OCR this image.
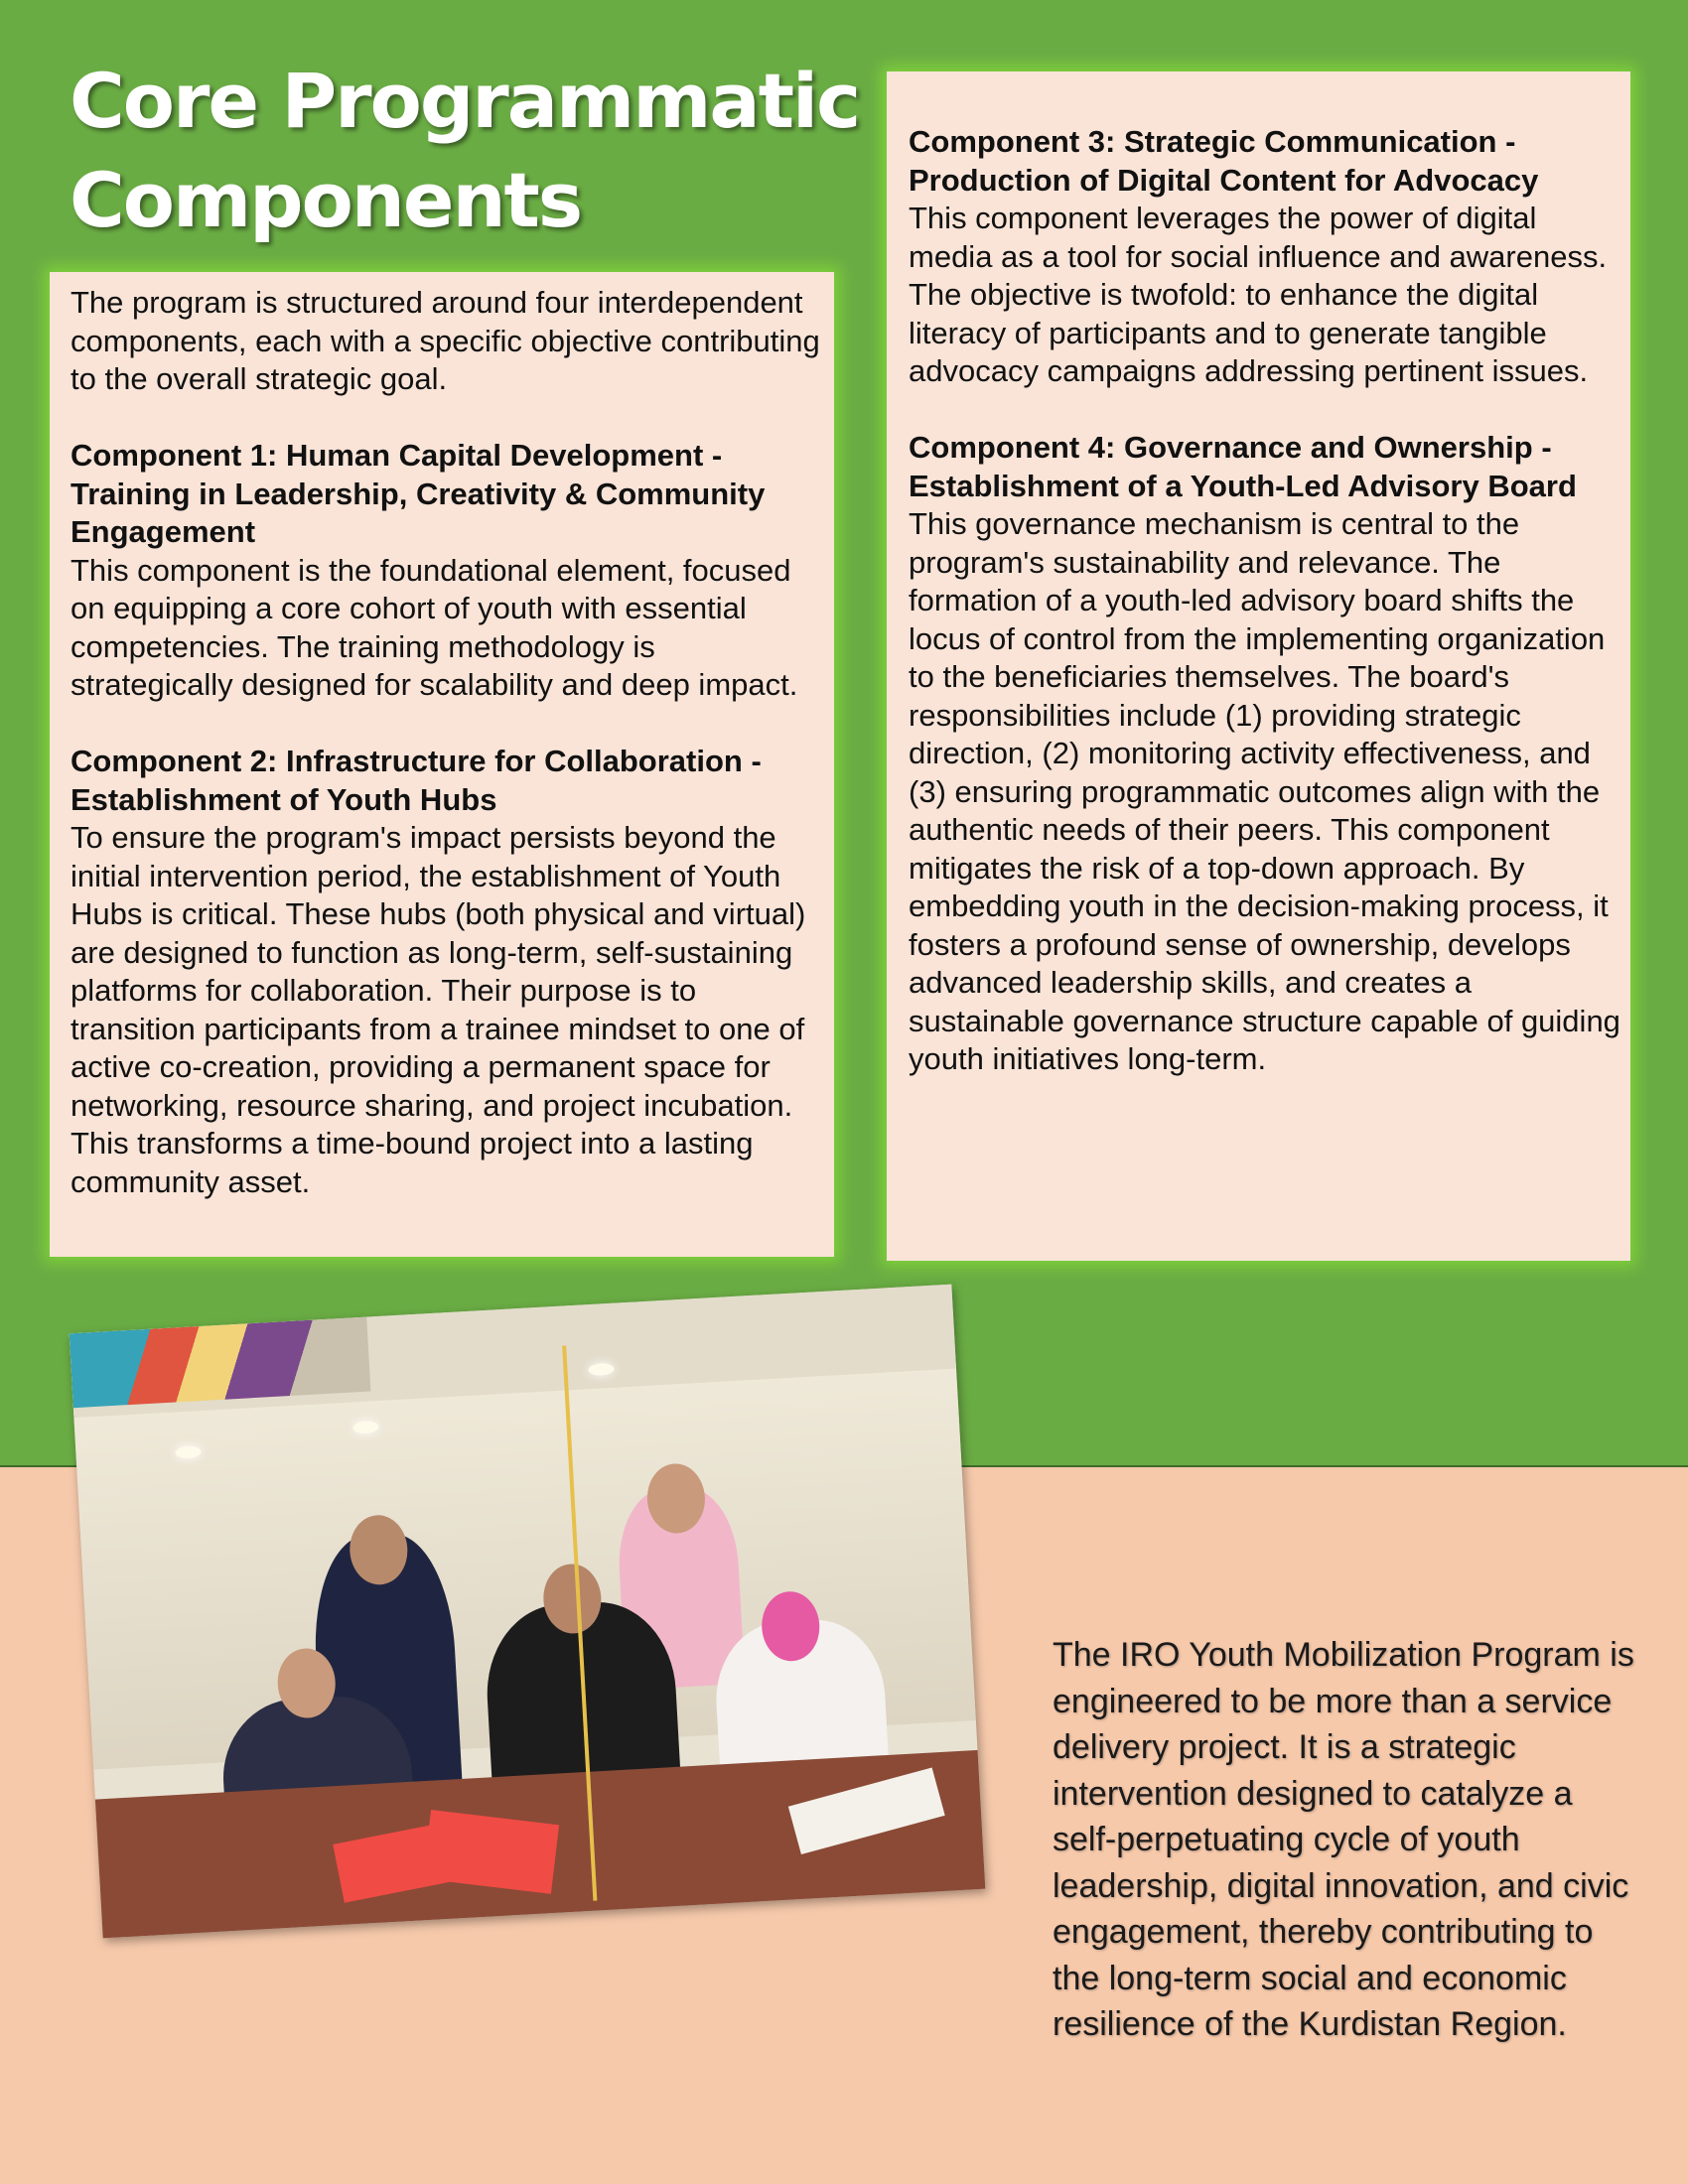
Core Programmatic
Components

The program is structured around four interdependent components, each with a specific objective contributing to the overall strategic goal.

Component 1: Human Capital Development - Training in Leadership, Creativity & Community Engagement

This component is the foundational element, focused on equipping a core cohort of youth with essential competencies. The training methodology is strategically designed for scalability and deep impact.

Component 2: Infrastructure for Collaboration - Establishment of Youth Hubs

To ensure the program's impact persists beyond the initial intervention period, the establishment of Youth Hubs is critical. These hubs (both physical and virtual) are designed to function as long-term, self-sustaining platforms for collaboration. Their purpose is to transition participants from a trainee mindset to one of active co-creation, providing a permanent space for networking, resource sharing, and project incubation. This transforms a time-bound project into a lasting community asset.

Component 3: Strategic Communication - Production of Digital Content for Advocacy

This component leverages the power of digital media as a tool for social influence and awareness. The objective is twofold: to enhance the digital literacy of participants and to generate tangible advocacy campaigns addressing pertinent issues.

Component 4: Governance and Ownership - Establishment of a Youth-Led Advisory Board

This governance mechanism is central to the program's sustainability and relevance. The formation of a youth-led advisory board shifts the locus of control from the implementing organization to the beneficiaries themselves. The board's responsibilities include (1) providing strategic direction, (2) monitoring activity effectiveness, and (3) ensuring programmatic outcomes align with the authentic needs of their peers. This component mitigates the risk of a top-down approach. By embedding youth in the decision-making process, it fosters a profound sense of ownership, develops advanced leadership skills, and creates a sustainable governance structure capable of guiding youth initiatives long-term.

The IRO Youth Mobilization Program is engineered to be more than a service delivery project. It is a strategic intervention designed to catalyze a self-perpetuating cycle of youth leadership, digital innovation, and civic engagement, thereby contributing to the long-term social and economic resilience of the Kurdistan Region.
